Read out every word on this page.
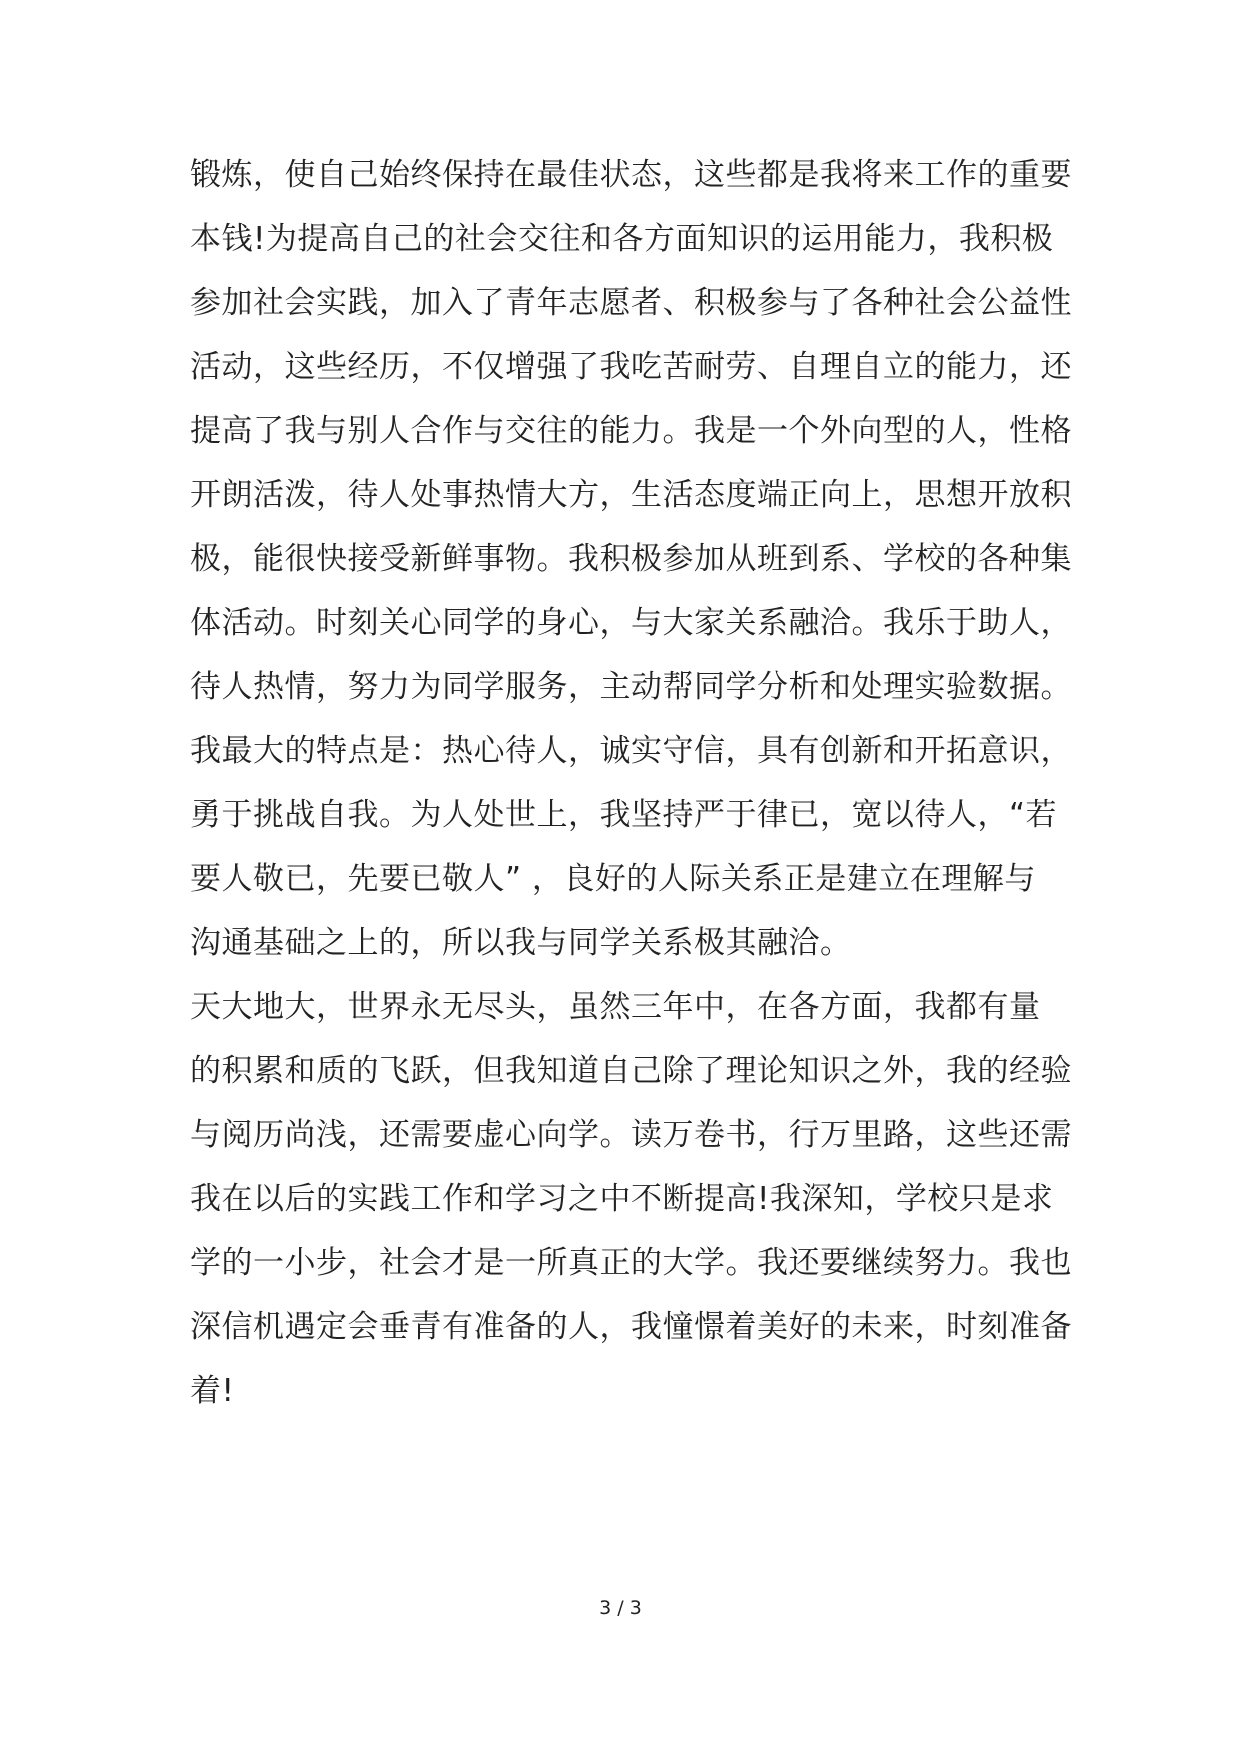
锻炼，使自己始终保持在最佳状态，这些都是我将来工作的重要
本钱!为提高自己的社会交往和各方面知识的运用能力，我积极
参加社会实践，加入了青年志愿者、积极参与了各种社会公益性
活动，这些经历，不仅增强了我吃苦耐劳、自理自立的能力，还
提高了我与别人合作与交往的能力。我是一个外向型的人，性格
开朗活泼，待人处事热情大方，生活态度端正向上，思想开放积
极，能很快接受新鲜事物。我积极参加从班到系、学校的各种集
体活动。时刻关心同学的身心，与大家关系融洽。我乐于助人，
待人热情，努力为同学服务，主动帮同学分析和处理实验数据。
我最大的特点是：热心待人，诚实守信，具有创新和开拓意识，
勇于挑战自我。为人处世上，我坚持严于律已，宽以待人，“若
要人敬已，先要已敬人” ，良好的人际关系正是建立在理解与
沟通基础之上的，所以我与同学关系极其融洽。
天大地大，世界永无尽头，虽然三年中，在各方面，我都有量
的积累和质的飞跃，但我知道自己除了理论知识之外，我的经验
与阅历尚浅，还需要虚心向学。读万卷书，行万里路，这些还需
我在以后的实践工作和学习之中不断提高!我深知，学校只是求
学的一小步，社会才是一所真正的大学。我还要继续努力。我也
深信机遇定会垂青有准备的人，我憧憬着美好的未来，时刻准备
着!
3 / 3
